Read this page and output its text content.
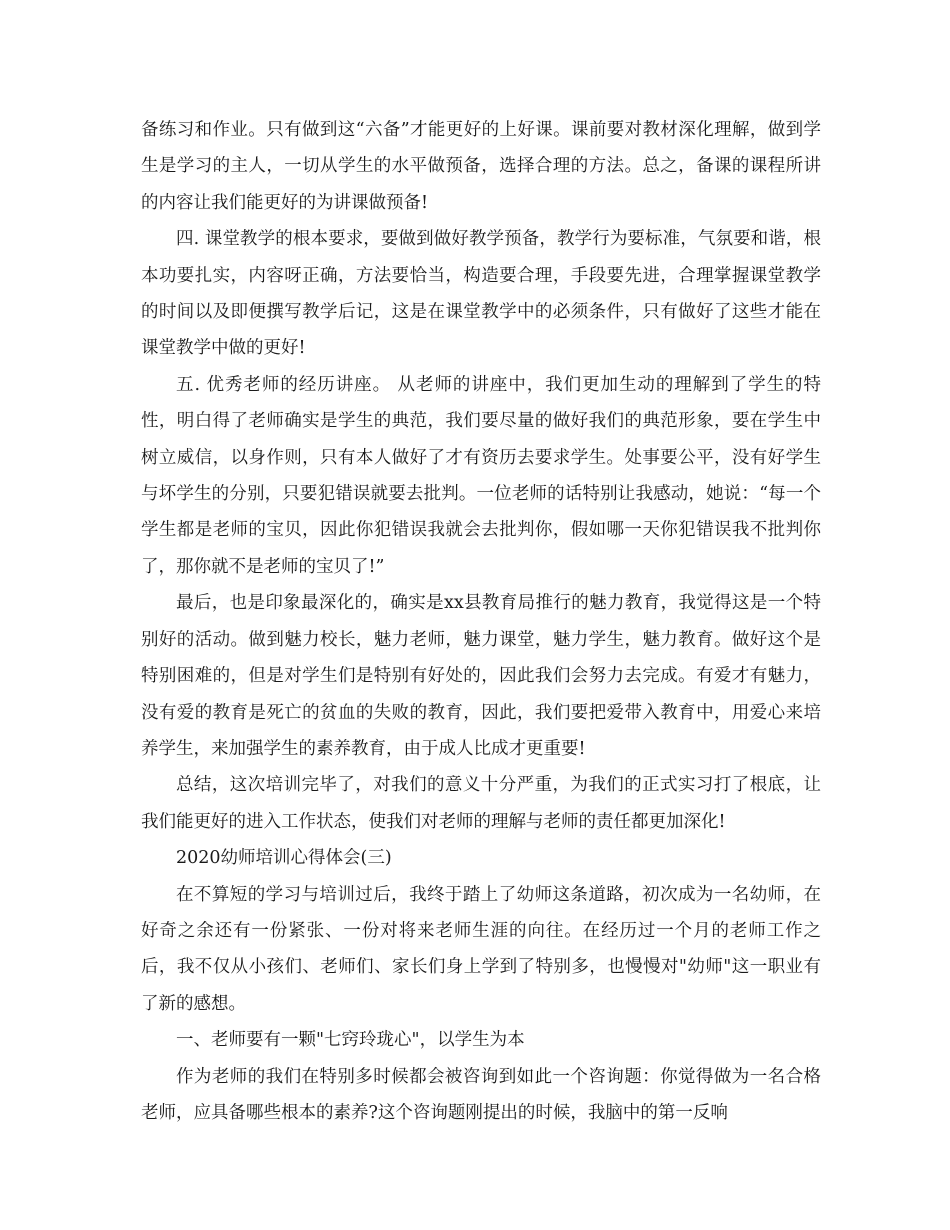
备练习和作业。只有做到这“六备”才能更好的上好课。课前要对教材深化理解，做到学生是学习的主人，一切从学生的水平做预备，选择合理的方法。总之，备课的课程所讲的内容让我们能更好的为讲课做预备!

四. 课堂教学的根本要求，要做到做好教学预备，教学行为要标准，气氛要和谐，根本功要扎实，内容呀正确，方法要恰当，构造要合理，手段要先进，合理掌握课堂教学的时间以及即便撰写教学后记，这是在课堂教学中的必须条件，只有做好了这些才能在课堂教学中做的更好!

五. 优秀老师的经历讲座。 从老师的讲座中，我们更加生动的理解到了学生的特性，明白得了老师确实是学生的典范，我们要尽量的做好我们的典范形象，要在学生中树立威信，以身作则，只有本人做好了才有资历去要求学生。处事要公平，没有好学生与坏学生的分别，只要犯错误就要去批判。一位老师的话特别让我感动，她说：“每一个学生都是老师的宝贝，因此你犯错误我就会去批判你，假如哪一天你犯错误我不批判你了，那你就不是老师的宝贝了!”

最后，也是印象最深化的，确实是xx县教育局推行的魅力教育，我觉得这是一个特别好的活动。做到魅力校长，魅力老师，魅力课堂，魅力学生，魅力教育。做好这个是特别困难的，但是对学生们是特别有好处的，因此我们会努力去完成。有爱才有魅力，没有爱的教育是死亡的贫血的失败的教育，因此，我们要把爱带入教育中，用爱心来培养学生，来加强学生的素养教育，由于成人比成才更重要!

总结，这次培训完毕了，对我们的意义十分严重，为我们的正式实习打了根底，让我们能更好的进入工作状态，使我们对老师的理解与老师的责任都更加深化!

2020幼师培训心得体会(三)

在不算短的学习与培训过后，我终于踏上了幼师这条道路，初次成为一名幼师，在好奇之余还有一份紧张、一份对将来老师生涯的向往。在经历过一个月的老师工作之后，我不仅从小孩们、老师们、家长们身上学到了特别多，也慢慢对"幼师"这一职业有了新的感想。

一、老师要有一颗"七窍玲珑心"，以学生为本

作为老师的我们在特别多时候都会被咨询到如此一个咨询题：你觉得做为一名合格老师，应具备哪些根本的素养?这个咨询题刚提出的时候，我脑中的第一反响
